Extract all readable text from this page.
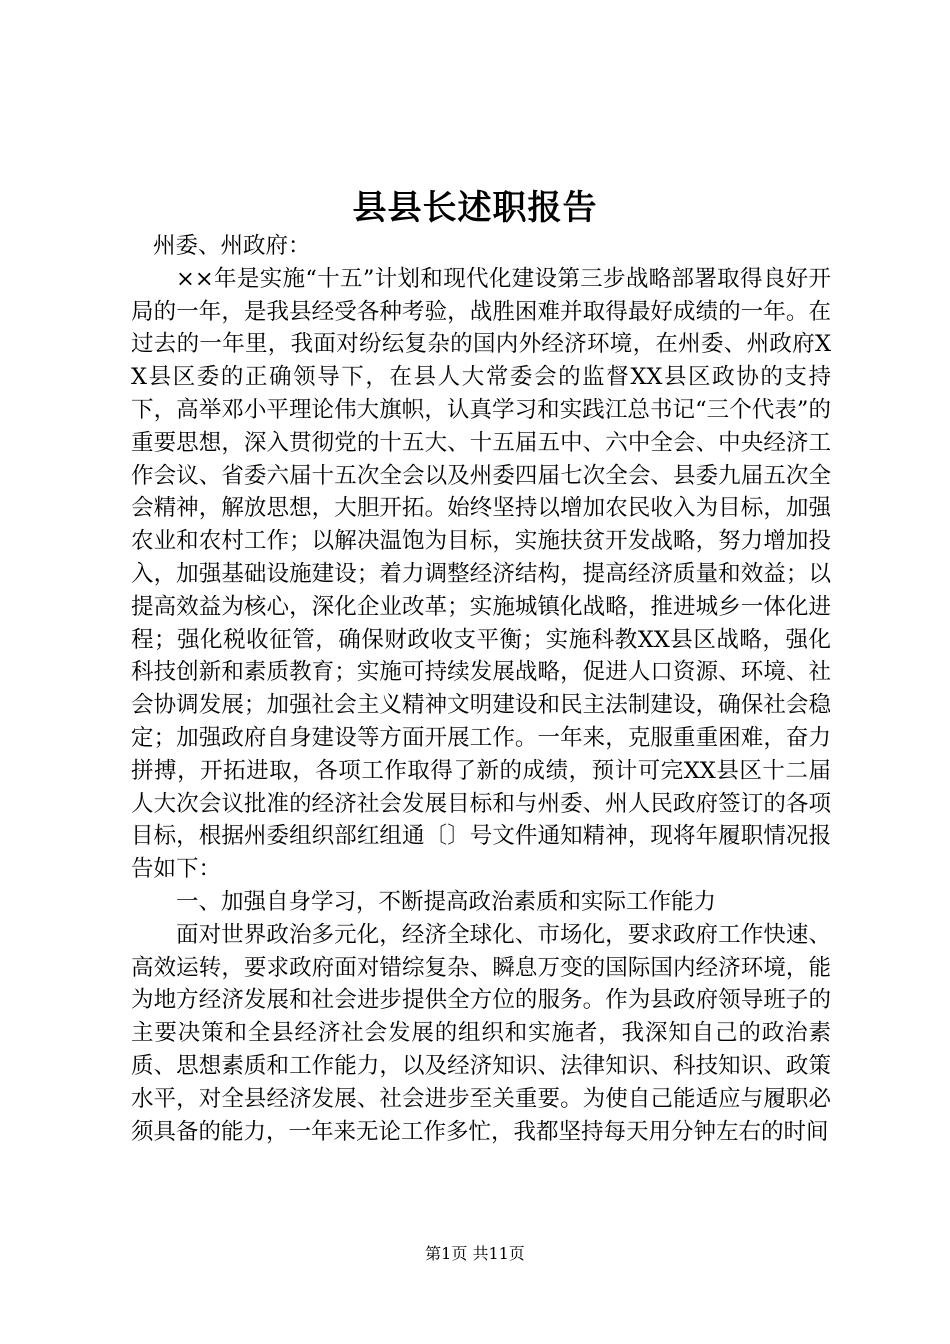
县县长述职报告

州委、州政府：

××年是实施“十五”计划和现代化建设第三步战略部署取得良好开局的一年，是我县经受各种考验，战胜困难并取得最好成绩的一年。在过去的一年里，我面对纷纭复杂的国内外经济环境，在州委、州政府XX县区委的正确领导下，在县人大常委会的监督XX县区政协的支持下，高举邓小平理论伟大旗帜，认真学习和实践江总书记“三个代表”的重要思想，深入贯彻党的十五大、十五届五中、六中全会、中央经济工作会议、省委六届十五次全会以及州委四届七次全会、县委九届五次全会精神，解放思想，大胆开拓。始终坚持以增加农民收入为目标，加强农业和农村工作；以解决温饱为目标，实施扶贫开发战略，努力增加投入，加强基础设施建设；着力调整经济结构，提高经济质量和效益；以提高效益为核心，深化企业改革；实施城镇化战略，推进城乡一体化进程；强化税收征管，确保财政收支平衡；实施科教XX县区战略，强化科技创新和素质教育；实施可持续发展战略，促进人口资源、环境、社会协调发展；加强社会主义精神文明建设和民主法制建设，确保社会稳定；加强政府自身建设等方面开展工作。一年来，克服重重困难，奋力拼搏，开拓进取，各项工作取得了新的成绩，预计可完XX县区十二届人大次会议批准的经济社会发展目标和与州委、州人民政府签订的各项目标，根据州委组织部红组通〔〕号文件通知精神，现将年履职情况报告如下：

一、加强自身学习，不断提高政治素质和实际工作能力

面对世界政治多元化，经济全球化、市场化，要求政府工作快速、高效运转，要求政府面对错综复杂、瞬息万变的国际国内经济环境，能为地方经济发展和社会进步提供全方位的服务。作为县政府领导班子的主要决策和全县经济社会发展的组织和实施者，我深知自己的政治素质、思想素质和工作能力，以及经济知识、法律知识、科技知识、政策水平，对全县经济发展、社会进步至关重要。为使自己能适应与履职必须具备的能力，一年来无论工作多忙，我都坚持每天用分钟左右的时间

第1页 共11页
